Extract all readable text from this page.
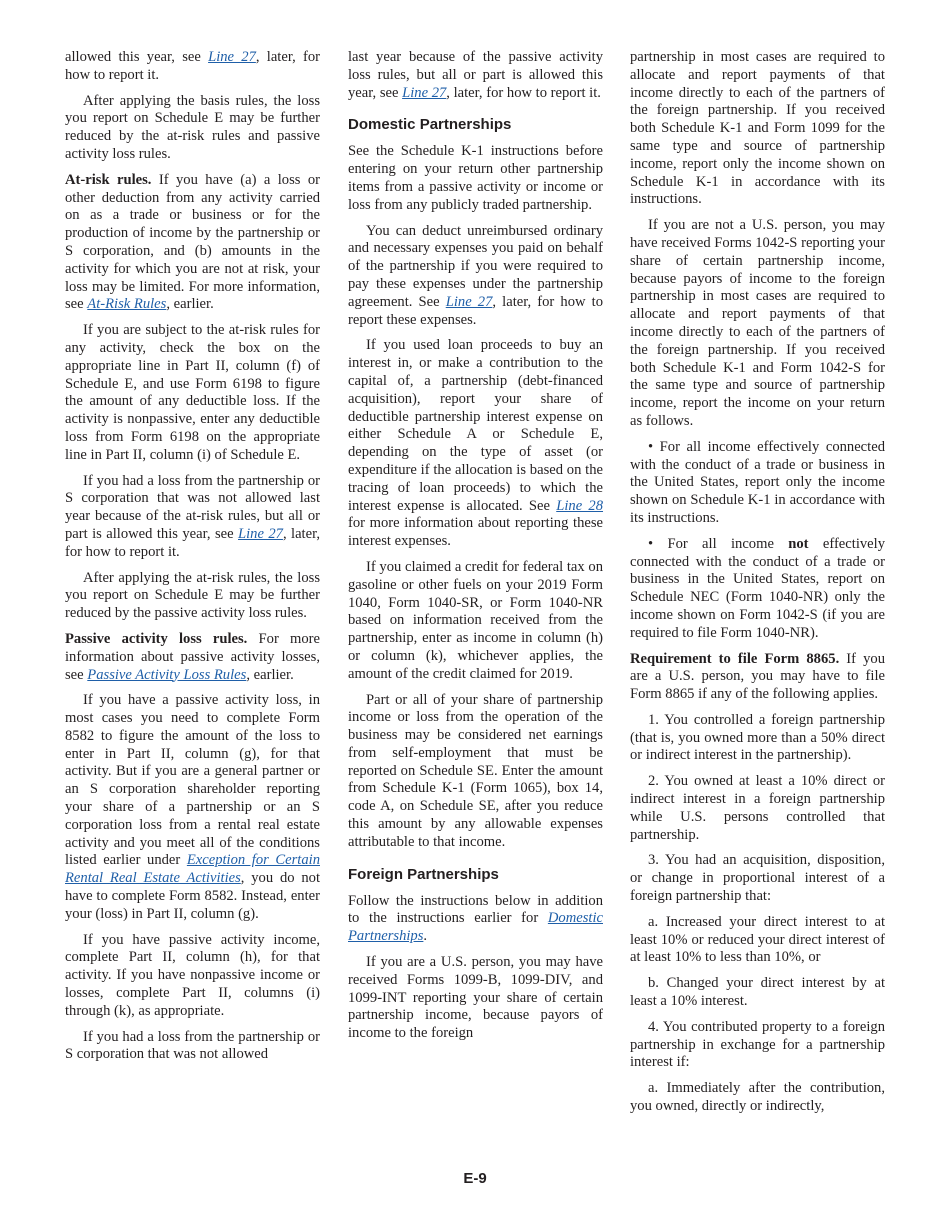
allowed this year, see Line 27, later, for how to report it.

After applying the basis rules, the loss you report on Schedule E may be further reduced by the at-risk rules and passive activity loss rules.

At-risk rules. If you have (a) a loss or other deduction from any activity carried on as a trade or business or for the production of income by the partnership or S corporation, and (b) amounts in the activity for which you are not at risk, your loss may be limited. For more information, see At-Risk Rules, earlier.

If you are subject to the at-risk rules for any activity, check the box on the appropriate line in Part II, column (f) of Schedule E, and use Form 6198 to figure the amount of any deductible loss. If the activity is nonpassive, enter any deductible loss from Form 6198 on the appropriate line in Part II, column (i) of Schedule E.

If you had a loss from the partnership or S corporation that was not allowed last year because of the at-risk rules, but all or part is allowed this year, see Line 27, later, for how to report it.

After applying the at-risk rules, the loss you report on Schedule E may be further reduced by the passive activity loss rules.

Passive activity loss rules. For more information about passive activity losses, see Passive Activity Loss Rules, earlier.

If you have a passive activity loss, in most cases you need to complete Form 8582 to figure the amount of the loss to enter in Part II, column (g), for that activity. But if you are a general partner or an S corporation shareholder reporting your share of a partnership or an S corporation loss from a rental real estate activity and you meet all of the conditions listed earlier under Exception for Certain Rental Real Estate Activities, you do not have to complete Form 8582. Instead, enter your (loss) in Part II, column (g).

If you have passive activity income, complete Part II, column (h), for that activity. If you have nonpassive income or losses, complete Part II, columns (i) through (k), as appropriate.

If you had a loss from the partnership or S corporation that was not allowed

last year because of the passive activity loss rules, but all or part is allowed this year, see Line 27, later, for how to report it.

Domestic Partnerships

See the Schedule K-1 instructions before entering on your return other partnership items from a passive activity or income or loss from any publicly traded partnership.

You can deduct unreimbursed ordinary and necessary expenses you paid on behalf of the partnership if you were required to pay these expenses under the partnership agreement. See Line 27, later, for how to report these expenses.

If you used loan proceeds to buy an interest in, or make a contribution to the capital of, a partnership (debt-financed acquisition), report your share of deductible partnership interest expense on either Schedule A or Schedule E, depending on the type of asset (or expenditure if the allocation is based on the tracing of loan proceeds) to which the interest expense is allocated. See Line 28 for more information about reporting these interest expenses.

If you claimed a credit for federal tax on gasoline or other fuels on your 2019 Form 1040, Form 1040-SR, or Form 1040-NR based on information received from the partnership, enter as income in column (h) or column (k), whichever applies, the amount of the credit claimed for 2019.

Part or all of your share of partnership income or loss from the operation of the business may be considered net earnings from self-employment that must be reported on Schedule SE. Enter the amount from Schedule K-1 (Form 1065), box 14, code A, on Schedule SE, after you reduce this amount by any allowable expenses attributable to that income.

Foreign Partnerships

Follow the instructions below in addition to the instructions earlier for Domestic Partnerships.

If you are a U.S. person, you may have received Forms 1099-B, 1099-DIV, and 1099-INT reporting your share of certain partnership income, because payors of income to the foreign

partnership in most cases are required to allocate and report payments of that income directly to each of the partners of the foreign partnership. If you received both Schedule K-1 and Form 1099 for the same type and source of partnership income, report only the income shown on Schedule K-1 in accordance with its instructions.

If you are not a U.S. person, you may have received Forms 1042-S reporting your share of certain partnership income, because payors of income to the foreign partnership in most cases are required to allocate and report payments of that income directly to each of the partners of the foreign partnership. If you received both Schedule K-1 and Form 1042-S for the same type and source of partnership income, report the income on your return as follows.

• For all income effectively connected with the conduct of a trade or business in the United States, report only the income shown on Schedule K-1 in accordance with its instructions.

• For all income not effectively connected with the conduct of a trade or business in the United States, report on Schedule NEC (Form 1040-NR) only the income shown on Form 1042-S (if you are required to file Form 1040-NR).

Requirement to file Form 8865. If you are a U.S. person, you may have to file Form 8865 if any of the following applies.

1. You controlled a foreign partnership (that is, you owned more than a 50% direct or indirect interest in the partnership).

2. You owned at least a 10% direct or indirect interest in a foreign partnership while U.S. persons controlled that partnership.

3. You had an acquisition, disposition, or change in proportional interest of a foreign partnership that:

a. Increased your direct interest to at least 10% or reduced your direct interest of at least 10% to less than 10%, or

b. Changed your direct interest by at least a 10% interest.

4. You contributed property to a foreign partnership in exchange for a partnership interest if:

a. Immediately after the contribution, you owned, directly or indirectly,

E-9
